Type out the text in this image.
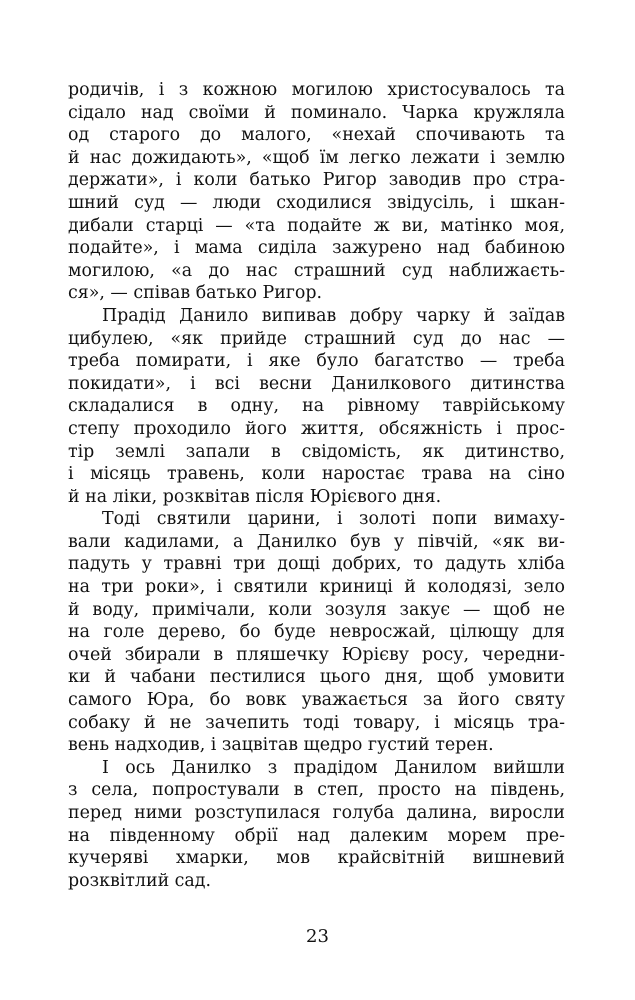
родичів, і з кожною могилою христосувалось та
сідало над своїми й поминало. Чарка кружляла
од старого до малого, «нехай спочивають та
й нас дожидають», «щоб їм легко лежати і землю
держати», і коли батько Ригор заводив про стра-
шний суд — люди сходилися звідусіль, і шкан-
дибали старці — «та подайте ж ви, матінко моя,
подайте», і мама сиділа зажурено над бабиною
могилою, «а до нас страшний суд наближаєть-
ся», — співав батько Ригор.
Прадід Данило випивав добру чарку й заїдав
цибулею, «як прийде страшний суд до нас —
треба помирати, і яке було багатство — треба
покидати», і всі весни Данилкового дитинства
складалися в одну, на рівному таврійському
степу проходило його життя, обсяжність і прос-
тір землі запали в свідомість, як дитинство,
і місяць травень, коли наростає трава на сіно
й на ліки, розквітав після Юрієвого дня.
Тоді святили царини, і золоті попи вимаху-
вали кадилами, а Данилко був у півчій, «як ви-
падуть у травні три дощі добрих, то дадуть хліба
на три роки», і святили криниці й колодязі, зело
й воду, примічали, коли зозуля закує — щоб не
на голе дерево, бо буде невросжай, цілющу для
очей збирали в пляшечку Юрієву росу, чередни-
ки й чабани пестилися цього дня, щоб умовити
самого Юра, бо вовк уважається за його святу
собаку й не зачепить тоді товару, і місяць тра-
вень надходив, і зацвітав щедро густий терен.
І ось Данилко з прадідом Данилом вийшли
з села, попростували в степ, просто на південь,
перед ними розступилася голуба далина, виросли
на південному обрії над далеким морем пре-
кучеряві хмарки, мов крайсвітній вишневий
розквітлий сад.
23
